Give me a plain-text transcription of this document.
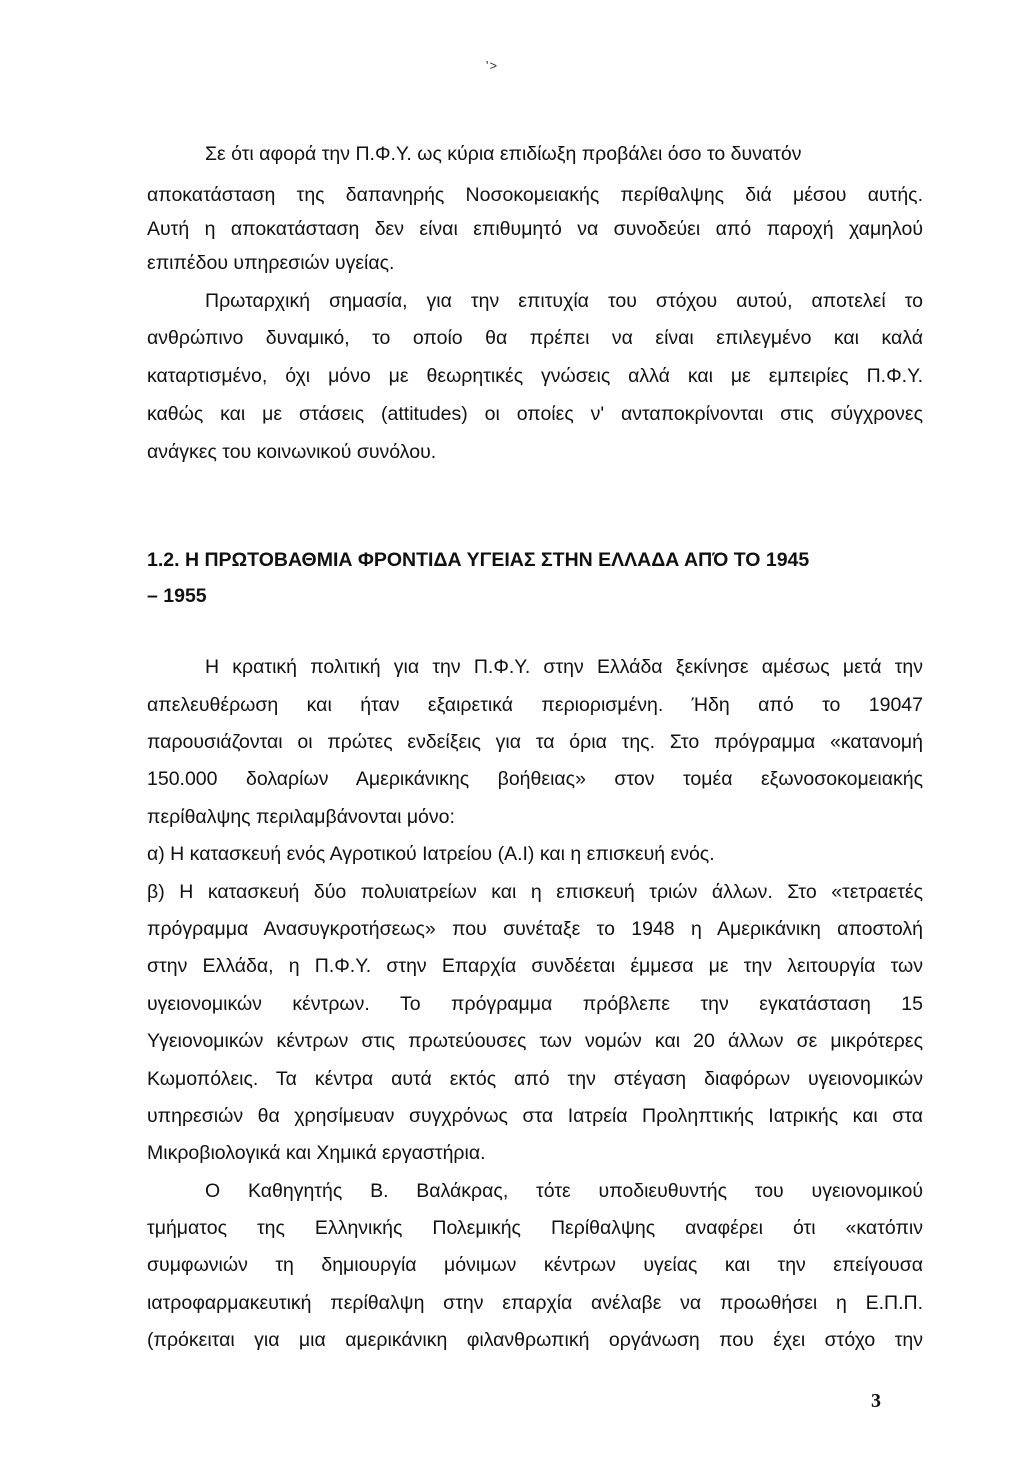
'>
Σε ότι αφορά την Π.Φ.Υ. ως κύρια επιδίωξη προβάλει όσο το δυνατόν
αποκατάσταση της δαπανηρής Νοσοκομειακής περίθαλψης διά μέσου αυτής.
Αυτή η αποκατάσταση δεν είναι επιθυμητό να συνοδεύει από παροχή χαμηλού
επιπέδου υπηρεσιών υγείας.
Πρωταρχική σημασία, για την επιτυχία του στόχου αυτού, αποτελεί το
ανθρώπινο δυναμικό, το οποίο θα πρέπει να είναι επιλεγμένο και καλά
καταρτισμένο, όχι μόνο με θεωρητικές γνώσεις αλλά και με εμπειρίες Π.Φ.Υ.
καθώς και με στάσεις (attitudes) οι οποίες ν' ανταποκρίνονται στις σύγχρονες
ανάγκες του κοινωνικού συνόλου.
1.2. Η ΠΡΩΤΟΒΑΘΜΙΑ ΦΡΟΝΤΙΔΑ ΥΓΕΙΑΣ ΣΤΗΝ ΕΛΛΑΔΑ ΑΠΌ ΤΟ 1945
– 1955
Η κρατική πολιτική για την Π.Φ.Υ. στην Ελλάδα ξεκίνησε αμέσως μετά την
απελευθέρωση και ήταν εξαιρετικά περιορισμένη. Ήδη από το 19047
παρουσιάζονται οι πρώτες ενδείξεις για τα όρια της. Στο πρόγραμμα «κατανομή
150.000 δολαρίων Αμερικάνικης βοήθειας» στον τομέα εξωνοσοκομειακής
περίθαλψης περιλαμβάνονται μόνο:
α) Η κατασκευή ενός Αγροτικού Ιατρείου (Α.Ι) και η επισκευή ενός.
β) Η κατασκευή δύο πολυιατρείων και η επισκευή τριών άλλων. Στο «τετραετές
πρόγραμμα Ανασυγκροτήσεως» που συνέταξε το 1948 η Αμερικάνικη αποστολή
στην Ελλάδα, η Π.Φ.Υ. στην Επαρχία συνδέεται έμμεσα με την λειτουργία των
υγειονομικών κέντρων. Το πρόγραμμα πρόβλεπε την εγκατάσταση 15
Υγειονομικών κέντρων στις πρωτεύουσες των νομών και 20 άλλων σε μικρότερες
Κωμοπόλεις. Τα κέντρα αυτά εκτός από την στέγαση διαφόρων υγειονομικών
υπηρεσιών θα χρησίμευαν συγχρόνως στα Ιατρεία Προληπτικής Ιατρικής και στα
Μικροβιολογικά και Χημικά εργαστήρια.
Ο Καθηγητής Β. Βαλάκρας, τότε υποδιευθυντής του υγειονομικού
τμήματος της Ελληνικής Πολεμικής Περίθαλψης αναφέρει ότι «κατόπιν
συμφωνιών τη δημιουργία μόνιμων κέντρων υγείας και την επείγουσα
ιατροφαρμακευτική περίθαλψη στην επαρχία ανέλαβε να προωθήσει η Ε.Π.Π.
(πρόκειται για μια αμερικάνικη φιλανθρωπική οργάνωση που έχει στόχο την
3
